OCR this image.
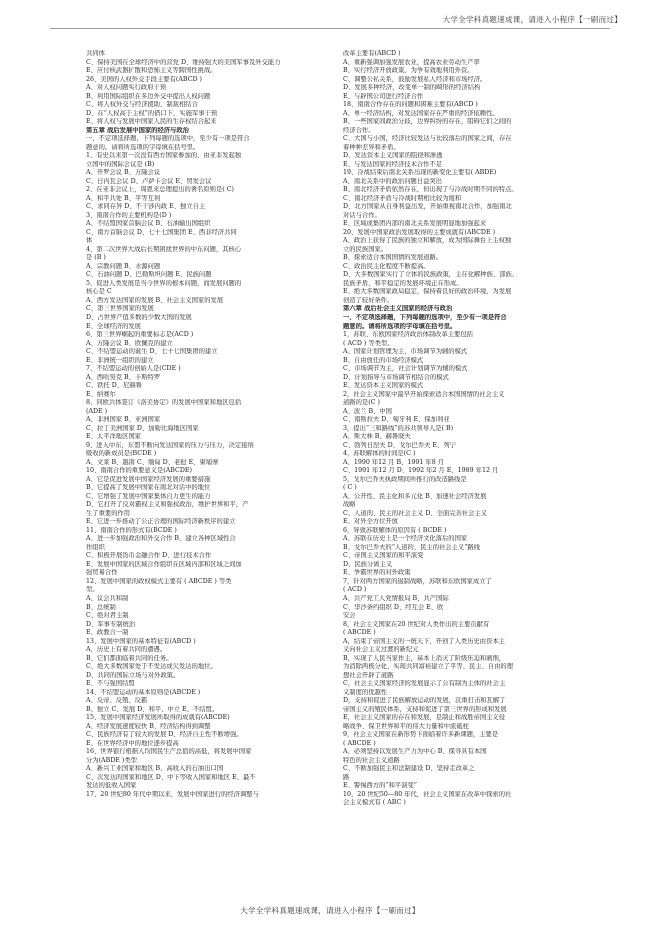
大学全学科真题速成课，请进入小程序【一刷而过】
共同体
C、保持美国在全球经济中的营党 D、维持强大的美国军事及外交能力
E、应付核武器扩散和恐怖主义等跨国性挑战。
26、美国的人权外交手段主要有(ABCD )
A、对人权问题实行政府干预
B、利用国际组织在多边外交中提出人权问题
C、将人权外交与经济援助、制裁相结合
D、在“人权高于主权”的借口下，实施军事干预
E、将人权与发展中国家人民的生存权结合起来
第五章 战后发展中国家的经济与政治
一、不定项选择题，下列每题的选项中，至少有一项是符合
题意的。请将所选项的字母填在括号里。
1、有史以来第一次没有西方国家参加的、由亚非发起独
立国中的国际会议是 (B)
A、开罗会议 B、万隆会议
C、日内瓦会议 D、卢萨卡会议 E、贸发会议
2、在亚非会议上，周恩来总理提出的著名原则是( C)
A、和平共处 B、平等互利
C、求同存异 D、不干涉内政 E、独立自主
3、南南合作的主要机构是(D )
A、不结盟国家首脑会议 B、石油输出国组织
C、南方首脑会议 D、七十七国集团 E、西非经济共同
体
4、第二次世界大战后长期困扰世界的中东问题，其核心
是 (B )
A、宗教问题 B、水源问题
C、石油问题 D、巴勒斯坦问题 E、民族问题
5、促进人类发展是当今世界的根本问题，而发展问题的
核心是 C
A、西方发达国家的发展 B、社会主义国家的发展
C、第三世界国家的发展
D、占世界产值多数的少数大国的发展
E、全球经济的发展
6、第三世界崛起的重要标志是(ACD )
A、万隆会议 B、欧佩克的建立
C、不结盟运动的诞生 D、七十七国集团的建立
E、非洲统一组织的建立
7、不结盟运动的创始人是(CDE )
A、西哈努克 B、卡斯特罗
C、铁托 D、尼赫鲁
E、纳赛尔
8、同欧共体签订《洛美协定》的发展中国家和地区包括
(ADE )
A、非洲国家 B、亚洲国家
C、拉丁美洲国家 D、加勒比海地区国家
E、太平洋地区国家
9、进入中东，东盟不断向发达国家的压力与压力，决定接纳
吸收的新成员是(BCDE )
A、文莱 B、越南 C、缅甸 D、老挝 E、柬埔寨
10、南南合作的重要意义是(ABCDE)
A、它是促进发展中国家经济发展的重要措施
B、它提高了发展中国家在南北对话中的地位
C、它增强了发展中国家集体自力更生的能力
D、它打开了反对霸权主义和强权政治，维护世界和平，产
生了重要的作用
E、它进一步推动了公正合理的国际经济新秩序的建立
11、南南合作的形式有(BCDE )
A、进一步加强政治和外交合作 B、建立各种区域性合
作组织
C、积极开展货币金融合作 D、进行技术合作
E、发展中国家的区域合作组织在区域内部和区域之间加
强贸易合作
12、发展中国家的政权模式主要有 ( ABCDE ) 等类
型。
A、议会共和制
B、总统制
C、绝对君主制
D、军事专制统治
E、政教合一制
13、发展中国家的基本特征有(ABCD )
A、历史上有着共同的遭遇。
B、它们都面临着共同的任务。
C、绝大多数国家处于不发达或欠发达的地位。
D、共同的国际立场与对外政策。
E、不与强国结盟
14、不结盟运动的基本原则是(ABCDE )
A、反帝、反殖、反霸
B、独立 C、发展 D、和平、中立 E、不结盟。
15、发展中国家经济发展所取得的成就有(ABCDE)
A、经济发展速度较快 B、经济结构得到调整
C、民族经济有了较大的发展 D、经济自主性不断增强。
E、在世界经济中的地位逐步提高
16、世界银行根据人均国民生产总值的高低，将发展中国家
分为(ABDE )类型
A、新兴工业国家和地区 B、高收入的石油出口国
C、次发达的国家和地区 D、中下等收入国家和地区 E、最不
发达的低收入国家
17、20 世纪80 年代中期以来，发展中国家进行的经济调整与
改革主要有(ABCD )
A、重新强调加强发展农业，提高农业劳动生产率
B、实行经济开放政策，为争有效地利用外资。
C、调整公私关系，鼓励发展私人经济和市场经济。
D、发展多种经济，改变单一制的畸形的经济结构
E、与辟国公司进行经济合作
18、南南合作存在的问题和困难主要有(ABCD )
A、单一经济结构，对发达国家存在严重的经济依赖性。
B、一些国家间政治分歧，边界纠纷的存在，阻碍它们之间的
经济合作。
C、大国与小国，经济比较发达与比较落后的国家之间，存在
着种种差异和矛盾。
D、发达资本主义国家的阻挠和渗透
E、与发达国家的经济技术合作不足
19、冷战结束后南北关系出现的新变化主要有( ABDE)
A、南北关系中的政治问题日益突出
B、南北经济矛盾依然存在，但出现了与冷战时期不同的特点。
C、南北经济矛盾与冷战时期相比较为缓和
D、北方国家从自身利益出发，开始重视南北合作，加强南北
对话与合作。
E、区域或集团内部的南北关系发展明显地加强起来
20、发展中国家政治发展取得的主要成就有(ABCDE )
A、政治上获得了民族的独立和解放，成为国际舞台上主权独
立的民族国家。
B、探索适合本国国情的发展道路。
C、政治民主化程度不断提高。
D、大多数国家实行了立体的民族政策，主在化解种族、部族、
民族矛盾，和平稳定的发展环境正在形成。
E、绝大多数国家政局稳定，保持着良好的政治环境，为发展
创造了较好条件。
第六章 战后社会主义国家的经济与政治
一、不定项选择题，下列每题的选项中，至少有一项是符合
题意的。请将所选项的字母填在括号里。
1，苏联、东欧国家经济政治体制改革主要包括
( ACD ) 等类型。
A、国家计划管理为主，市场调节为辅的模式
B、自由放任的市场经济模式
C、市场调节为主，社会计划调节为辅的模式
D、计划指导与市场调节相结合的模式
E、发达资本主义国家的模式
2，社会主义国家中最早开始探索适合本国国情的社会主义
道路的是(C )
A、波兰 B、中国
C、南斯拉夫 D、匈牙利 E、保加利亚
3，提出“三和路线”的苏共领导人是( B)
A、斯大林 B、赫鲁晓夫
C、勃列日涅夫 D、戈尔巴乔夫 E、列宁
4，苏联解体的时间是(C )
A、1990 年12 月 B、1991 年8 月
C、1991 年12 月 D、1992 年2 月 E、1989 年12 月
5，戈尔巴乔夫执政期间所推行的改造路线是
( C )
A、公开性、民主化和多元化 B、加速社会经济发展
战略
C、人道的、民主的社会主义 D、全面完善社会主义
E、对外全方位开放
6，导致苏联解体的原因有 ( BCDE )
A、苏联在历史上是一个经济文化落后的国家
B、戈尔巴乔夫的“人道的、民主的社会主义”路线
C、帝国主义国家的和平演变
D、民族分离主义
E、争霸世界的对外政策
7，针对两方国家的遏制战略，苏联和东欧国家成立了
( ACD )
A、共产党工人党情报局 B、共产国际
C、华沙条约组织 D、经互会 E、欧
安会
8，社会主义国家在20 世纪对人类作出的主要贡献有
( ABCDE )
A，结束了帝国主义的一统天下，开创了人类历史由资本主
义向社会主义过渡的新纪元
B，实现了人民当家作主，基本上消灭了阶级压迫和剥削，
为消除两极分化、实现共同富裕建立了平等、民主、自由的理
想社会开辟了道路
C，社会主义国家经济的发展显示了公有制为主体的社会主
义制度的优越性
D，支持和促进了民族解放运动的发展，沉重打击和瓦解了
帝国主义的殖民体系，支持和促进了第三世界的形成和发展
E，社会主义国家的存在和发展，是制止和战胜帝国主义侵
略战争、保卫世界和平的伟大力量和中流砥柱
9，社会主义国家在新形势下面临着许多新课题，主要是
( ABCDE )
A、必须坚持以发展生产力为中心 B、探寻具有本国
特色的社会主义道路
C、不断加强民主和法制建设 D、坚持走改革之
路
E、警惕西方的“和平演变”
10，20 世纪50—80 年代，社会主义国家在改革中探索的社
会主义模式有 ( ABC )
大学全学科真题速成课，请进入小程序【一刷而过】
